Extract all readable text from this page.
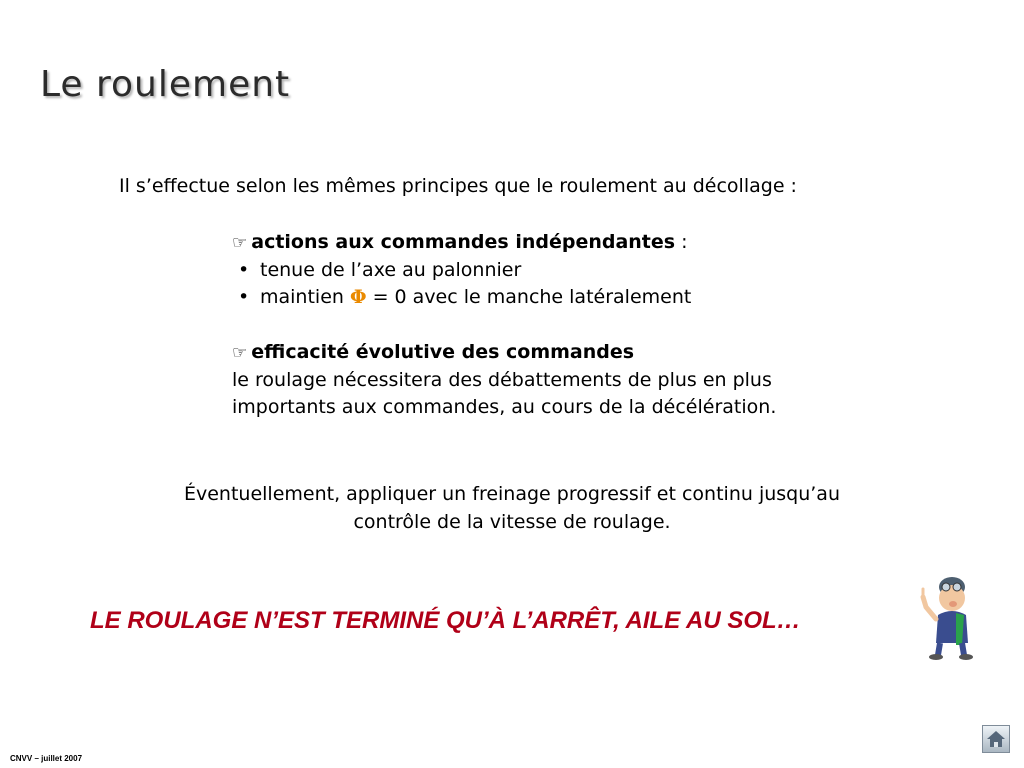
Le roulement
Il s’effectue selon les mêmes principes que le roulement au décollage :
☞ actions aux commandes indépendantes :
• tenue de l’axe au palonnier
• maintien Φ = 0 avec le manche latéralement
☞ efficacité évolutive des commandes
le roulage nécessitera des débattements de plus en plus
importants aux commandes, au cours de la décélération.
Éventuellement, appliquer un freinage progressif et continu jusqu’au
contrôle de la vitesse de roulage.
LE ROULAGE N’EST TERMINÉ QU’À L’ARRÊT, AILE AU SOL…
CNVV – juillet 2007
